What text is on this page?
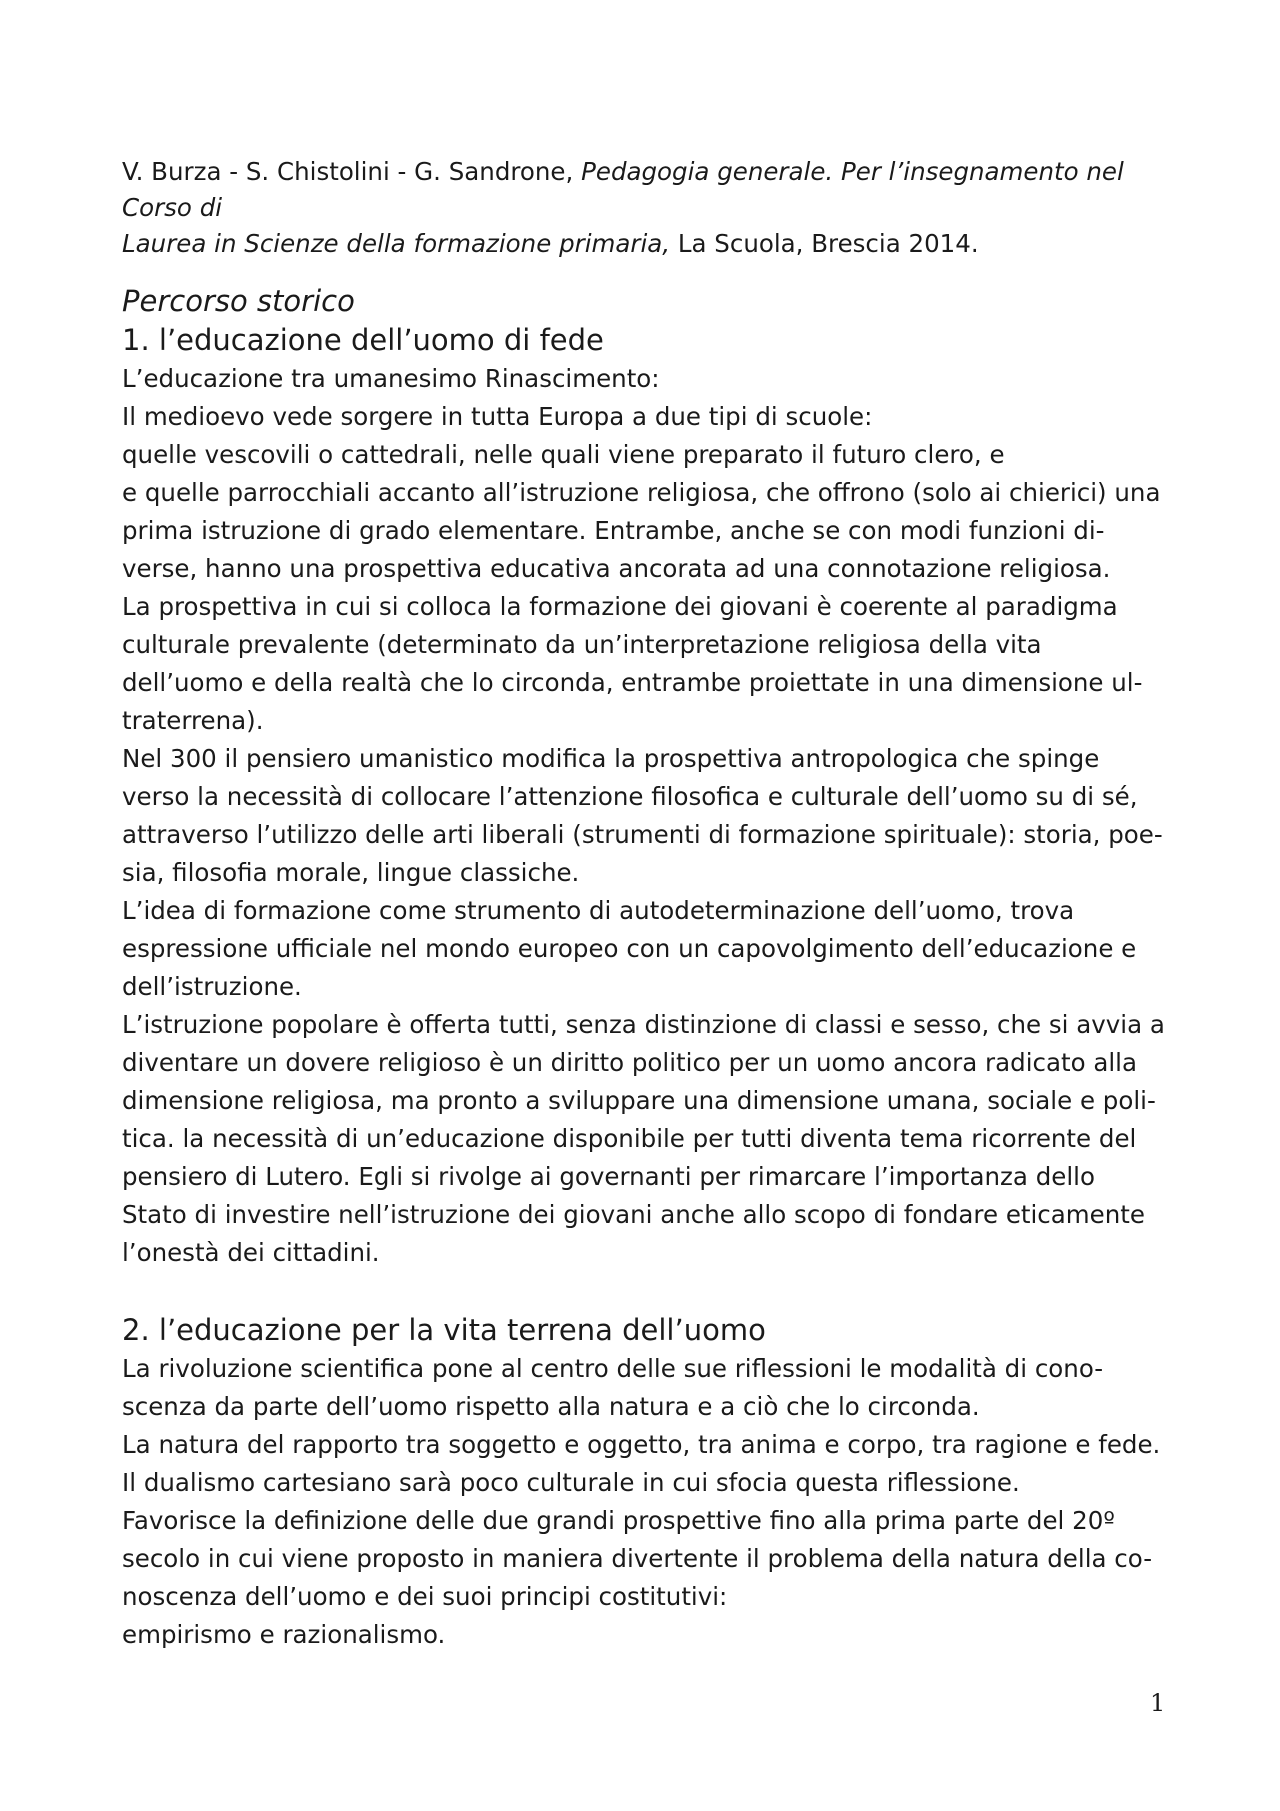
V. Burza - S. Chistolini - G. Sandrone, Pedagogia generale. Per l’insegnamento nel Corso di

Laurea in Scienze della formazione primaria, La Scuola, Brescia 2014.

Percorso storico

1. l’educazione dell’uomo di fede

L’educazione tra umanesimo Rinascimento:

Il medioevo vede sorgere in tutta Europa a due tipi di scuole:

quelle vescovili o cattedrali, nelle quali viene preparato il futuro clero, e

e quelle parrocchiali accanto all’istruzione religiosa, che offrono (solo ai chierici) una

prima istruzione di grado elementare. Entrambe, anche se con modi funzioni di-

verse, hanno una prospettiva educativa ancorata ad una connotazione religiosa.

La prospettiva in cui si colloca la formazione dei giovani è coerente al paradigma

culturale prevalente (determinato da un’interpretazione religiosa della vita

dell’uomo e della realtà che lo circonda, entrambe proiettate in una dimensione ul-

traterrena).

Nel 300 il pensiero umanistico modifica la prospettiva antropologica che spinge

verso la necessità di collocare l’attenzione filosofica e culturale dell’uomo su di sé,

attraverso l’utilizzo delle arti liberali (strumenti di formazione spirituale): storia, poe-

sia, filosofia morale, lingue classiche.

L’idea di formazione come strumento di autodeterminazione dell’uomo, trova

espressione ufficiale nel mondo europeo con un capovolgimento dell’educazione e

dell’istruzione.

L’istruzione popolare è offerta tutti, senza distinzione di classi e sesso, che si avvia a

diventare un dovere religioso è un diritto politico per un uomo ancora radicato alla

dimensione religiosa, ma pronto a sviluppare una dimensione umana, sociale e poli-

tica. la necessità di un’educazione disponibile per tutti diventa tema ricorrente del

pensiero di Lutero. Egli si rivolge ai governanti per rimarcare l’importanza dello

Stato di investire nell’istruzione dei giovani anche allo scopo di fondare eticamente

l’onestà dei cittadini.

2. l’educazione per la vita terrena dell’uomo

La rivoluzione scientifica pone al centro delle sue riflessioni le modalità di cono-

scenza da parte dell’uomo rispetto alla natura e a ciò che lo circonda.

La natura del rapporto tra soggetto e oggetto, tra anima e corpo, tra ragione e fede.

Il dualismo cartesiano sarà poco culturale in cui sfocia questa riflessione.

Favorisce la definizione delle due grandi prospettive fino alla prima parte del 20º

secolo in cui viene proposto in maniera divertente il problema della natura della co-

noscenza dell’uomo e dei suoi principi costitutivi:

empirismo e razionalismo.

1
